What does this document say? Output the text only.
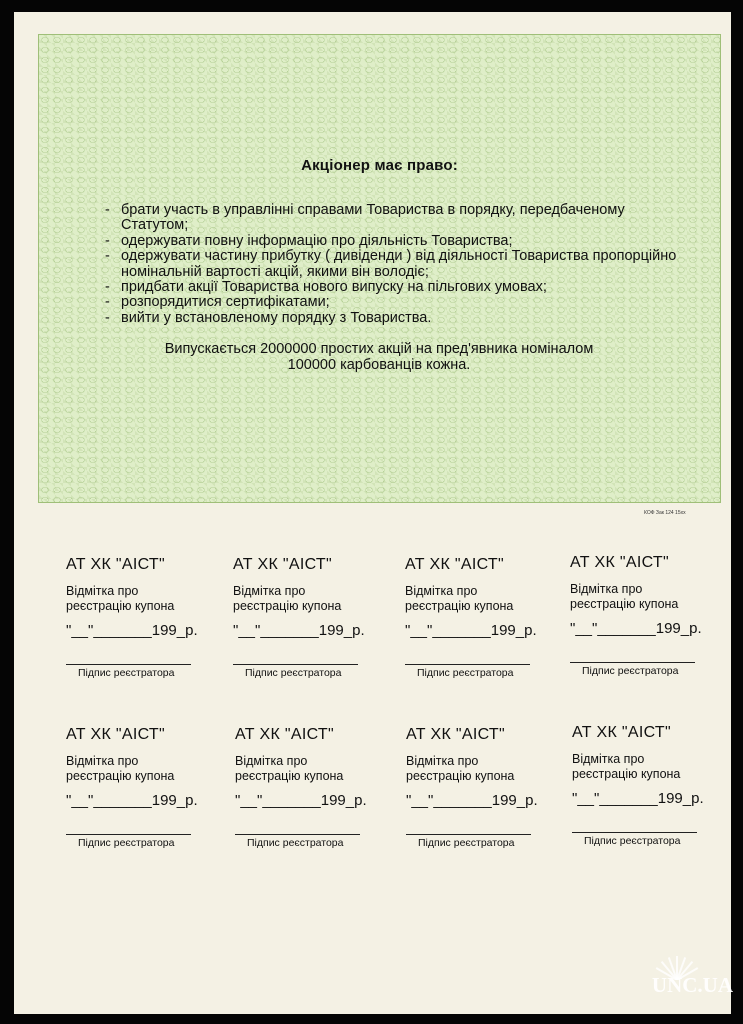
Акціонер має право:
- брати участь в управлінні справами Товариства в порядку, передбаченому Статутом;
- одержувати повну інформацію про діяльність Товариства;
- одержувати частину прибутку ( дивіденди ) від діяльності Товариства пропорційно номінальній вартості акцій, якими він володіє;
- придбати акції Товариства нового випуску на пільгових умовах;
- розпорядитися сертифікатами;
- вийти у встановленому порядку з Товариства.
Випускається 2000000 простих акцій на пред'явника номіналом
100000 карбованців кожна.
КОФ Зак 124 15хх
АТ ХК "АІСТ"
Відмітка про
реєстрацію купона
"__"_______199_р.
Підпис реєстратора
АТ ХК "АІСТ"
Відмітка про
реєстрацію купона
"__"_______199_р.
Підпис реєстратора
АТ ХК "АІСТ"
Відмітка про
реєстрацію купона
"__"_______199_р.
Підпис реєстратора
АТ ХК "АІСТ"
Відмітка про
реєстрацію купона
"__"_______199_р.
Підпис реєстратора
АТ ХК "АІСТ"
Відмітка про
реєстрацію купона
"__"_______199_р.
Підпис реєстратора
АТ ХК "АІСТ"
Відмітка про
реєстрацію купона
"__"_______199_р.
Підпис реєстратора
АТ ХК "АІСТ"
Відмітка про
реєстрацію купона
"__"_______199_р.
Підпис реєстратора
АТ ХК "АІСТ"
Відмітка про
реєстрацію купона
"__"_______199_р.
Підпис реєстратора
UNC.UA
